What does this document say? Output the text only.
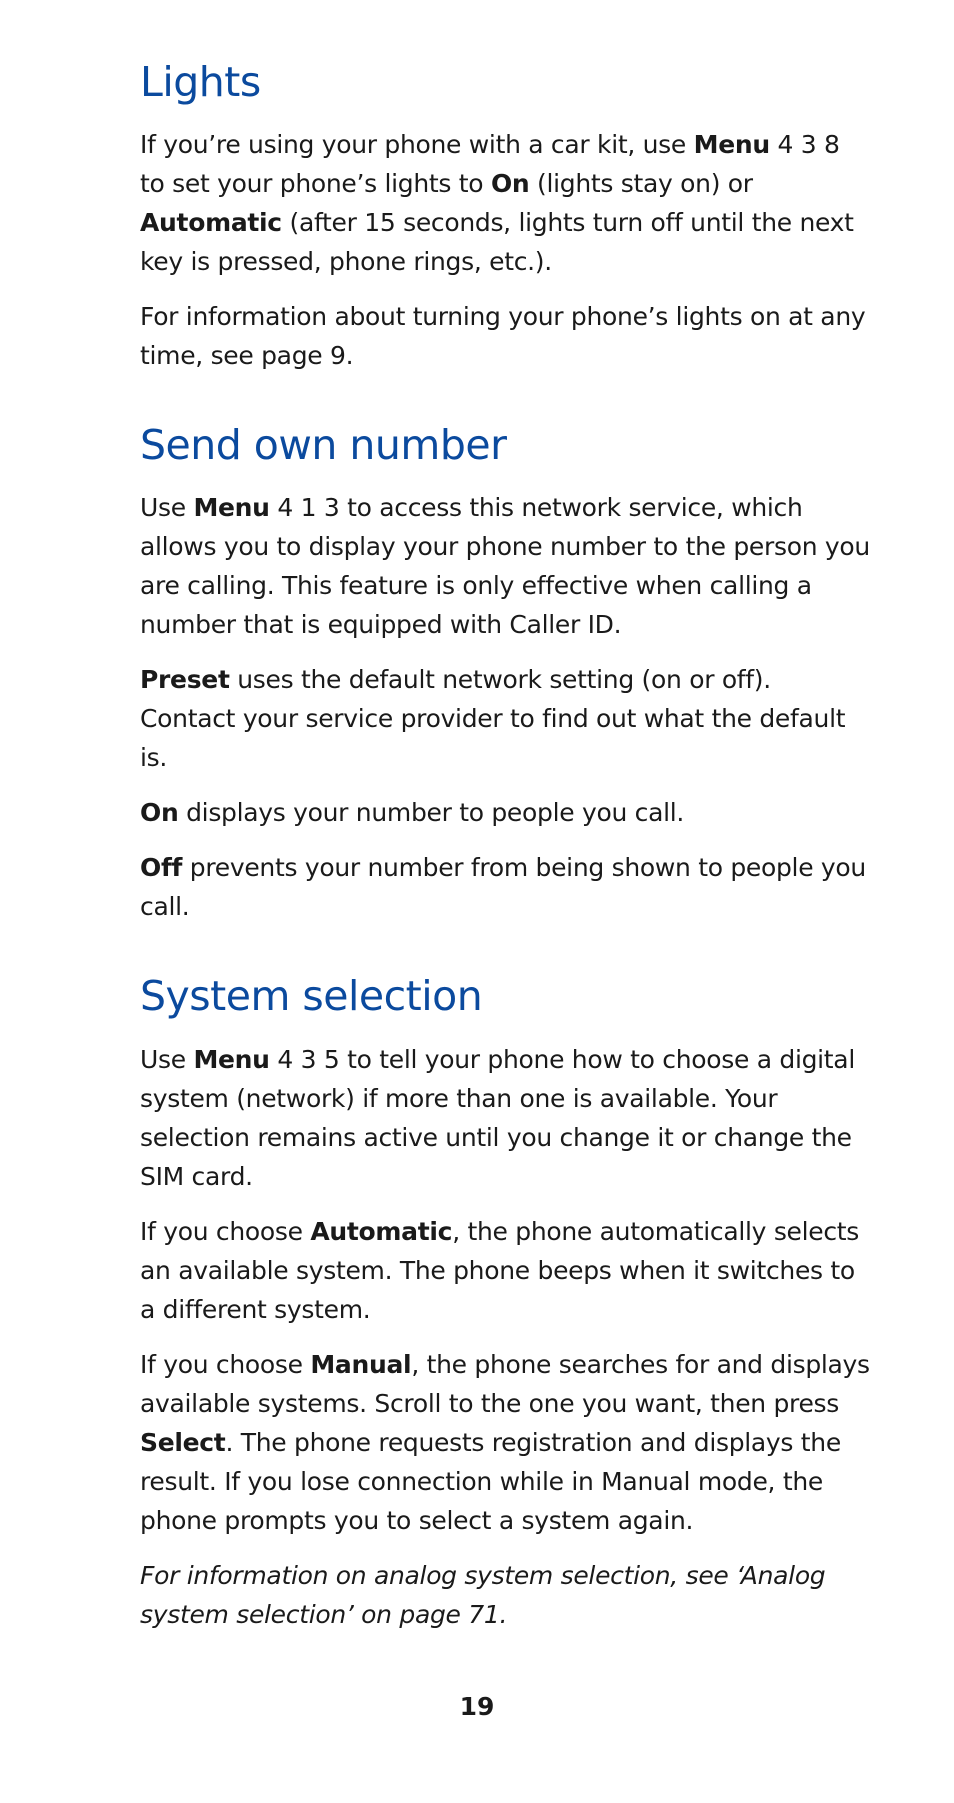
Lights

If you’re using your phone with a car kit, use Menu 4 3 8 to set your phone’s lights to On (lights stay on) or Automatic (after 15 seconds, lights turn off until the next key is pressed, phone rings, etc.).

For information about turning your phone’s lights on at any time, see page 9.

Send own number

Use Menu 4 1 3 to access this network service, which allows you to display your phone number to the person you are calling. This feature is only effective when calling a number that is equipped with Caller ID.

Preset uses the default network setting (on or off). Contact your service provider to find out what the default is.

On displays your number to people you call.

Off prevents your number from being shown to people you call.

System selection

Use Menu 4 3 5 to tell your phone how to choose a digital system (network) if more than one is available. Your selection remains active until you change it or change the SIM card.

If you choose Automatic, the phone automatically selects an available system. The phone beeps when it switches to a different system.

If you choose Manual, the phone searches for and displays available systems. Scroll to the one you want, then press Select. The phone requests registration and displays the result. If you lose connection while in Manual mode, the phone prompts you to select a system again.

For information on analog system selection, see ‘Analog system selection’ on page 71.

19
